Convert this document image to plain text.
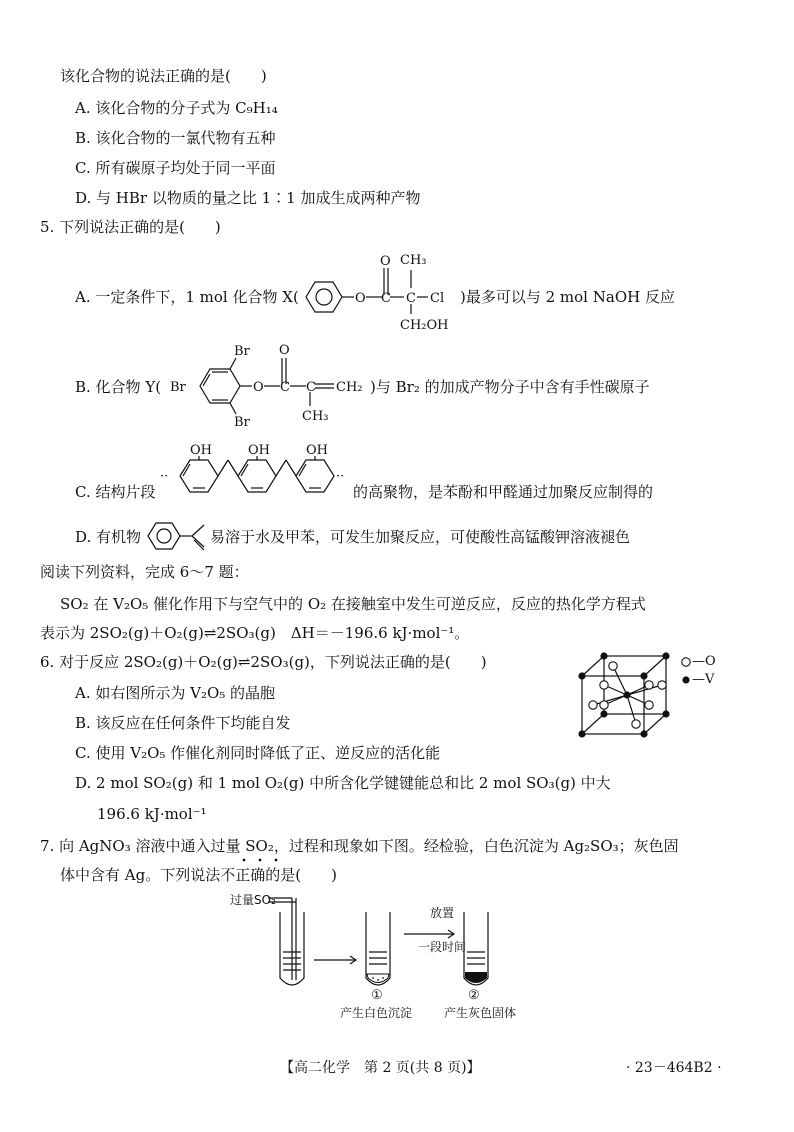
该化合物的说法正确的是(　　)
A. 该化合物的分子式为 C₉H₁₄
B. 该化合物的一氯代物有五种
C. 所有碳原子均处于同一平面
D. 与 HBr 以物质的量之比 1∶1 加成生成两种产物
5. 下列说法正确的是(　　)
A. 一定条件下，1 mol 化合物 X(	O
O
C C
CH₃
Cl
CH₂OH
)最多可以与 2 mol NaOH 反应
B. 化合物 Y( Br
Br
Br
O
O
C C CH₂
CH₃
)与 Br₂ 的加成产物分子中含有手性碳原子
C. 结构片段
··	··
OH	OH	OH
的高聚物，是苯酚和甲醛通过加聚反应制得的
D. 有机物	易溶于水及甲苯，可发生加聚反应，可使酸性高锰酸钾溶液褪色
阅读下列资料，完成 6～7 题：
SO₂ 在 V₂O₅ 催化作用下与空气中的 O₂ 在接触室中发生可逆反应，反应的热化学方程式
表示为 2SO₂(g)＋O₂(g)⇌2SO₃(g)　ΔH＝－196.6 kJ·mol⁻¹。
6. 对于反应 2SO₂(g)＋O₂(g)⇌2SO₃(g)，下列说法正确的是(　　)
A. 如右图所示为 V₂O₅ 的晶胞
B. 该反应在任何条件下均能自发
C. 使用 V₂O₅ 作催化剂同时降低了正、逆反应的活化能
D. 2 mol SO₂(g) 和 1 mol O₂(g) 中所含化学键键能总和比 2 mol SO₃(g) 中大
196.6 kJ·mol⁻¹
—O
—V
7. 向 AgNO₃ 溶液中通入过量 SO₂，过程和现象如下图。经检验，白色沉淀为 Ag₂SO₃；灰色固
体中含有 Ag。下列说法不正确的是(　　)
过量SO₂
放置
一段时间
①	②
产生白色沉淀	产生灰色固体
【高二化学　第 2 页(共 8 页)】	· 23－464B2 ·
